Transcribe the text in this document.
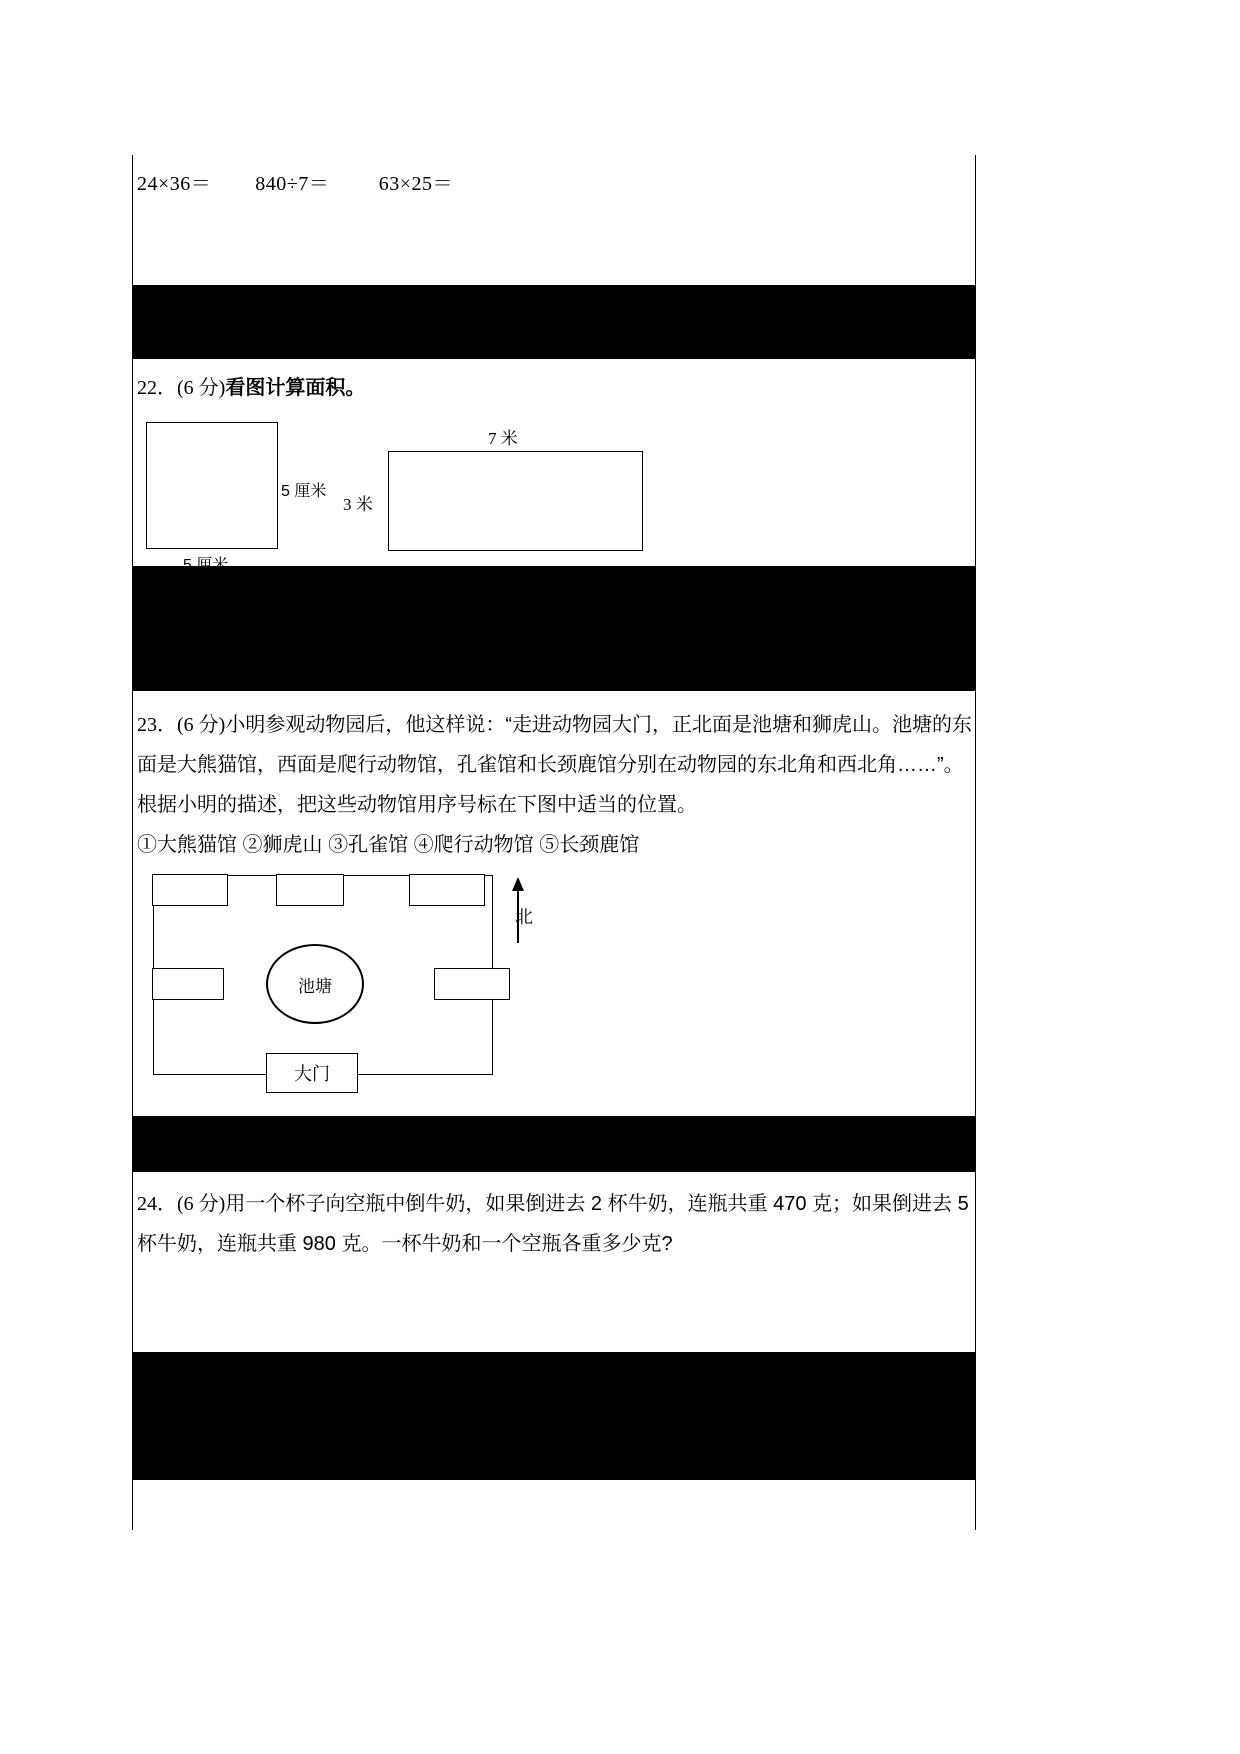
24×36＝        840÷7＝         63×25＝
22．(6 分)看图计算面积。
5 厘米
7 米
3 米
23．(6 分)小明参观动物园后，他这样说：“走进动物园大门，正北面是池塘和狮虎山。池塘的东
面是大熊猫馆，西面是爬行动物馆，孔雀馆和长颈鹿馆分别在动物园的东北角和西北角……”。
根据小明的描述，把这些动物馆用序号标在下图中适当的位置。
①大熊猫馆 ②狮虎山 ③孔雀馆 ④爬行动物馆 ⑤长颈鹿馆
池塘
大门
北
24．(6 分)用一个杯子向空瓶中倒牛奶，如果倒进去 2 杯牛奶，连瓶共重 470 克；如果倒进去 5
杯牛奶，连瓶共重 980 克。一杯牛奶和一个空瓶各重多少克?
